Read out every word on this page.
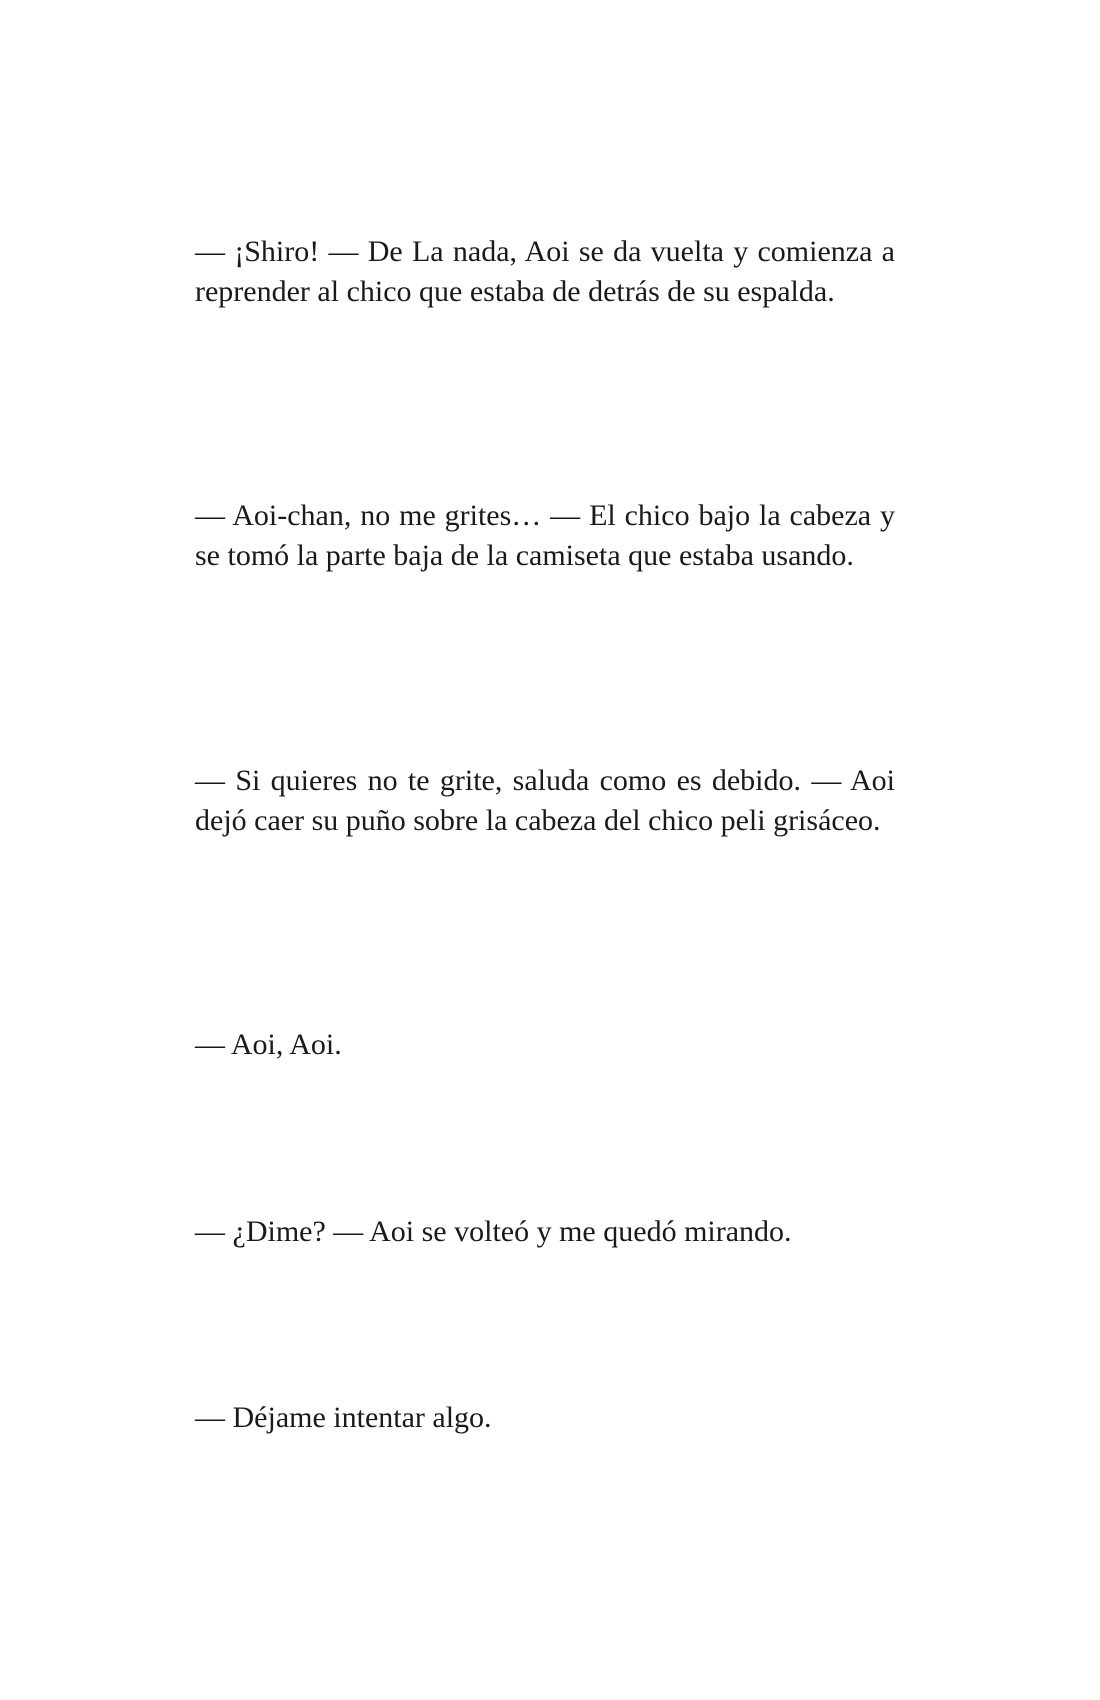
— ¡Shiro! — De La nada, Aoi se da vuelta y comienza a reprender al chico que estaba de detrás de su espalda.

— Aoi-chan, no me grites… — El chico bajo la cabeza y se tomó la parte baja de la camiseta que estaba usando.

— Si quieres no te grite, saluda como es debido. — Aoi dejó caer su puño sobre la cabeza del chico peli grisáceo.

— Aoi, Aoi.

— ¿Dime? — Aoi se volteó y me quedó mirando.

— Déjame intentar algo.
